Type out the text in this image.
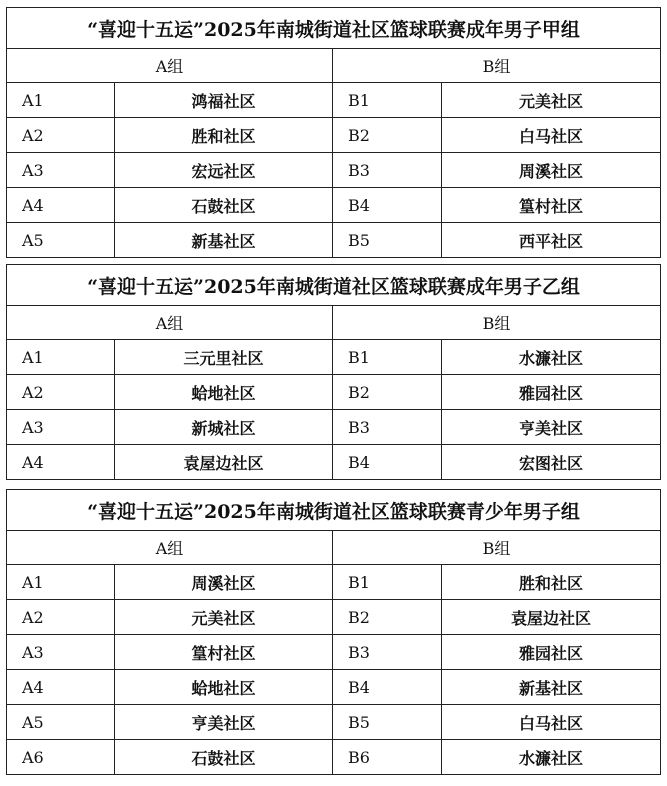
“喜迎十五运”2025年南城街道社区篮球联赛成年男子甲组			
A组		B组	
A1	鸿福社区	B1	元美社区
A2	胜和社区	B2	白马社区
A3	宏远社区	B3	周溪社区
A4	石鼓社区	B4	篁村社区
A5	新基社区	B5	西平社区
“喜迎十五运”2025年南城街道社区篮球联赛成年男子乙组			
A组		B组	
A1	三元里社区	B1	水濂社区
A2	蛤地社区	B2	雅园社区
A3	新城社区	B3	亨美社区
A4	袁屋边社区	B4	宏图社区
“喜迎十五运”2025年南城街道社区篮球联赛青少年男子组			
A组		B组	
A1	周溪社区	B1	胜和社区
A2	元美社区	B2	袁屋边社区
A3	篁村社区	B3	雅园社区
A4	蛤地社区	B4	新基社区
A5	亨美社区	B5	白马社区
A6	石鼓社区	B6	水濂社区
